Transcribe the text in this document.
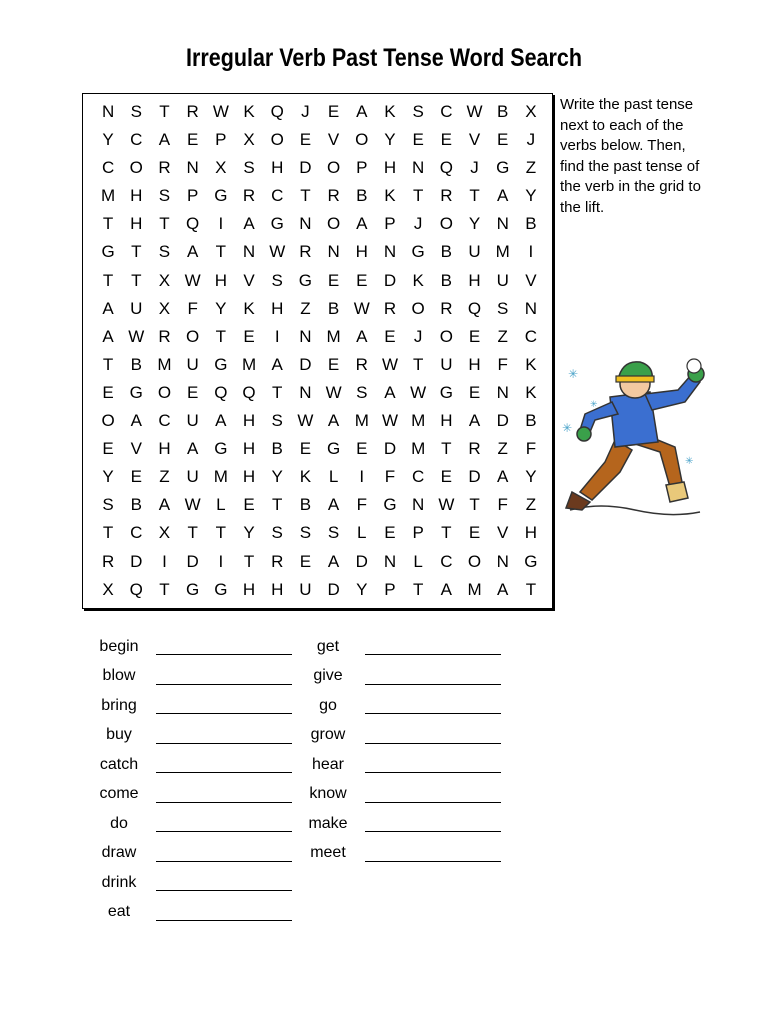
Irregular Verb Past Tense Word Search
N S	T R W K Q	J	E A K S C W B X
Y C A E P X O E V O Y E E V E	J
C O R N X S H D O P H N Q	J	G Z
M H S P G R C T R B K	T R T	A Y
T H T Q	I	A G N O A P	J	O Y N B
G T	S A	T N W R N H N G B U M	I
T	T	X W H V S G E E D K B H U V
A U X	F	Y K H Z	B W R O R Q S N
A W R O T	E	I	N M A E	J	O E	Z C
T	B M U G M A D E R W T U H F	K
E G O E Q Q T N W S A W G E N K
O A C U A H S W A M W M H A D B
E V H A G H B E G E D M T R Z	F
Y E	Z U M H Y K	L	I	F C E D A Y
S B A W L	E	T	B A	F G N W T	F	Z
T C X	T	T	Y S S S	L	E P	T	E V H
R D	I	D	I	T R E A D N	L	C O N G
X Q T G G H H U D Y P	T	A M A	T
Write the past tense next to each of the verbs below. Then, find the past tense of the verb in the grid to the lift.
✳
✳
✳
✳
begin
blow
bring
buy
catch
come
do
draw
drink
eat
get
give
go
grow
hear
know
make
meet
